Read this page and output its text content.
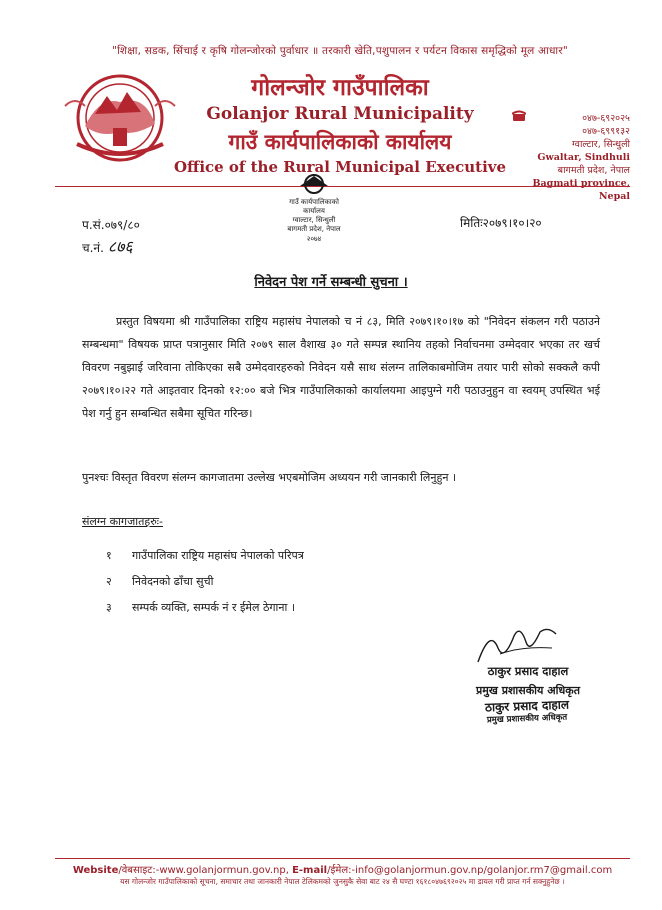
"शिक्षा, सडक, सिंचाई र कृषि गोलन्जोरको पुर्वाधार ॥ तरकारी खेति,पशुपालन र पर्यटन विकास समृद्धिको मूल आधार"
गोलन्जोर गाउँपालिका
Golanjor Rural Municipality
गाउँ कार्यपालिकाको कार्यालय
Office of the Rural Municipal Executive
०४७-६९२०२५
०४७-६९९१३२
ग्वाल्टार, सिन्धुली
Gwaltar, Sindhuli
बागमती प्रदेश, नेपाल
Bagmati province, Nepal
गाउँ कार्यपालिकाको
कार्यालय
ग्वाल्टार, सिन्धुली
बागमती प्रदेश, नेपाल
२०७४
प.सं.०७९/८०
च.नं. ८७६
मितिः२०७९।१०।२०
निवेदन पेश गर्ने सम्बन्धी सुचना ।
प्रस्तुत विषयमा श्री गाउँपालिका राष्ट्रिय महासंघ नेपालको च नं ८३, मिति २०७९।१०।१७ को "निवेदन संकलन गरी पठाउने सम्बन्धमा" विषयक प्राप्त पत्रानुसार मिति २०७९ साल वैशाख ३० गते सम्पन्न स्थानिय तहको निर्वाचनमा उम्मेदवार भएका तर खर्च विवरण नबुझाई जरिवाना तोकिएका सबै उम्मेदवारहरुको निवेदन यसै साथ संलग्न तालिकाबमोजिम तयार पारी सोको सक्कलै कपी २०७९।१०।२२ गते आइतवार दिनको १२:०० बजे भित्र गाउँपालिकाको कार्यालयमा आइपुग्ने गरी पठाउनुहुन वा स्वयम् उपस्थित भई पेश गर्नु हुन सम्बन्धित सबैमा सूचित गरिन्छ।
पुनश्चः विस्तृत विवरण संलग्न कागजातमा उल्लेख भएबमोजिम अध्ययन गरी जानकारी लिनुहुन ।
संलग्न कागजातहरुः-
१ गाउँपालिका राष्ट्रिय महासंघ नेपालको परिपत्र
२ निवेदनको ढाँचा सुची
३ सम्पर्क व्यक्ति, सम्पर्क नं र ईमेल ठेगाना ।
ठाकुर प्रसाद दाहाल
प्रमुख प्रशासकीय अधिकृत
ठाकुर प्रसाद दाहाल
प्रमुख प्रशासकीय अधिकृत
Website/वेबसाइट:-www.golanjormun.gov.np, E-mail/ईमेल:-info@golanjormun.gov.np/golanjor.rm7@gmail.com
यस गोलन्जोर गाउँपालिकाको सूचना, समाचार तथा जानकारी नेपाल टेलिकमको जुनसुकै सेवा बाट २४ सै घण्टा १६१८०४७६९२०२५ मा डायल गरी प्राप्त गर्न सक्नुहुनेछ ।
